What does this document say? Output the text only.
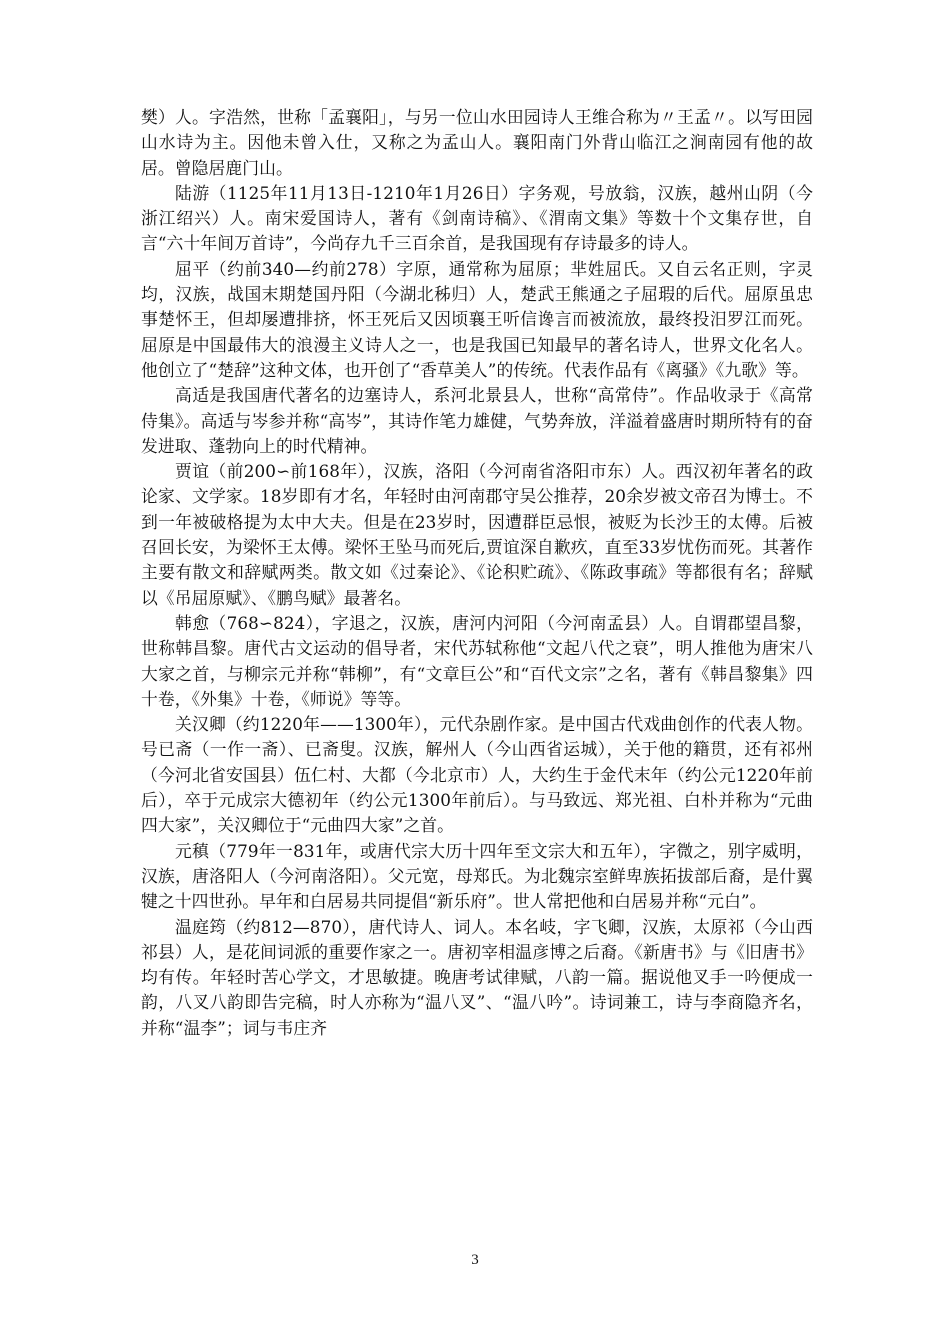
樊）人。字浩然，世称「孟襄阳」，与另一位山水田园诗人王维合称为〃王孟〃。以写田园山水诗为主。因他未曾入仕，又称之为孟山人。襄阳南门外背山临江之涧南园有他的故居。曾隐居鹿门山。

陆游（1125年11月13日-1210年1月26日）字务观，号放翁，汉族，越州山阴（今浙江绍兴）人。南宋爱国诗人，著有《剑南诗稿》、《渭南文集》等数十个文集存世，自言“六十年间万首诗”，今尚存九千三百余首，是我国现有存诗最多的诗人。

屈平（约前340—约前278）字原，通常称为屈原；芈姓屈氏。又自云名正则，字灵均，汉族，战国末期楚国丹阳（今湖北秭归）人，楚武王熊通之子屈瑕的后代。屈原虽忠事楚怀王，但却屡遭排挤，怀王死后又因顷襄王听信谗言而被流放，最终投汨罗江而死。屈原是中国最伟大的浪漫主义诗人之一，也是我国已知最早的著名诗人，世界文化名人。他创立了“楚辞”这种文体，也开创了“香草美人”的传统。代表作品有《离骚》《九歌》等。

高适是我国唐代著名的边塞诗人，系河北景县人，世称“高常侍”。作品收录于《高常侍集》。高适与岑参并称“高岑”，其诗作笔力雄健，气势奔放，洋溢着盛唐时期所特有的奋发进取、蓬勃向上的时代精神。

贾谊（前200∽前168年），汉族，洛阳（今河南省洛阳市东）人。西汉初年著名的政论家、文学家。18岁即有才名，年轻时由河南郡守吴公推荐，20余岁被文帝召为博士。不到一年被破格提为太中大夫。但是在23岁时，因遭群臣忌恨，被贬为长沙王的太傅。后被召回长安，为梁怀王太傅。梁怀王坠马而死后,贾谊深自歉疚，直至33岁忧伤而死。其著作主要有散文和辞赋两类。散文如《过秦论》、《论积贮疏》、《陈政事疏》等都很有名；辞赋以《吊屈原赋》、《鹏鸟赋》最著名。

韩愈（768∽824），字退之，汉族，唐河内河阳（今河南孟县）人。自谓郡望昌黎，世称韩昌黎。唐代古文运动的倡导者，宋代苏轼称他“文起八代之衰”，明人推他为唐宋八大家之首，与柳宗元并称“韩柳”，有“文章巨公”和“百代文宗”之名，著有《韩昌黎集》四十卷，《外集》十卷，《师说》等等。

关汉卿（约1220年——1300年），元代杂剧作家。是中国古代戏曲创作的代表人物。号已斋（一作一斋）、已斋叟。汉族，解州人（今山西省运城），关于他的籍贯，还有祁州（今河北省安国县）伍仁村、大都（今北京市）人，大约生于金代末年（约公元1220年前后），卒于元成宗大德初年（约公元1300年前后）。与马致远、郑光祖、白朴并称为“元曲四大家”，关汉卿位于“元曲四大家”之首。

元稹（779年一831年，或唐代宗大历十四年至文宗大和五年），字微之，别字威明，汉族，唐洛阳人（今河南洛阳）。父元宽，母郑氏。为北魏宗室鲜卑族拓拔部后裔，是什翼犍之十四世孙。早年和白居易共同提倡“新乐府”。世人常把他和白居易并称“元白”。

温庭筠（约812—870），唐代诗人、词人。本名岐，字飞卿，汉族，太原祁（今山西祁县）人，是花间词派的重要作家之一。唐初宰相温彦博之后裔。《新唐书》与《旧唐书》均有传。年轻时苦心学文，才思敏捷。晚唐考试律赋，八韵一篇。据说他叉手一吟便成一韵，八叉八韵即告完稿，时人亦称为“温八叉”、“温八吟”。诗词兼工，诗与李商隐齐名，并称“温李”；词与韦庄齐

3
